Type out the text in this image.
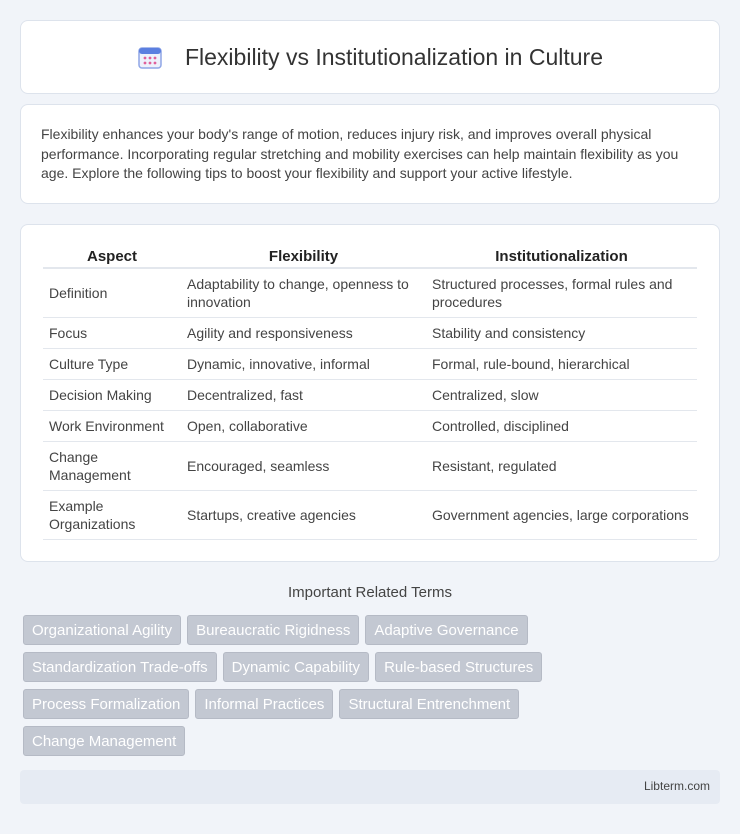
Flexibility vs Institutionalization in Culture

Flexibility enhances your body's range of motion, reduces injury risk, and improves overall physical performance. Incorporating regular stretching and mobility exercises can help maintain flexibility as you age. Explore the following tips to boost your flexibility and support your active lifestyle.

Aspect	Flexibility	Institutionalization
Definition	Adaptability to change, openness to innovation	Structured processes, formal rules and procedures
Focus	Agility and responsiveness	Stability and consistency
Culture Type	Dynamic, innovative, informal	Formal, rule-bound, hierarchical
Decision Making	Decentralized, fast	Centralized, slow
Work Environment	Open, collaborative	Controlled, disciplined
Change Management	Encouraged, seamless	Resistant, regulated
Example Organizations	Startups, creative agencies	Government agencies, large corporations
Important Related Terms
Organizational Agility Bureaucratic Rigidness Adaptive Governance
Standardization Trade-offs Dynamic Capability Rule-based Structures
Process Formalization Informal Practices Structural Entrenchment
Change Management
Libterm.com
